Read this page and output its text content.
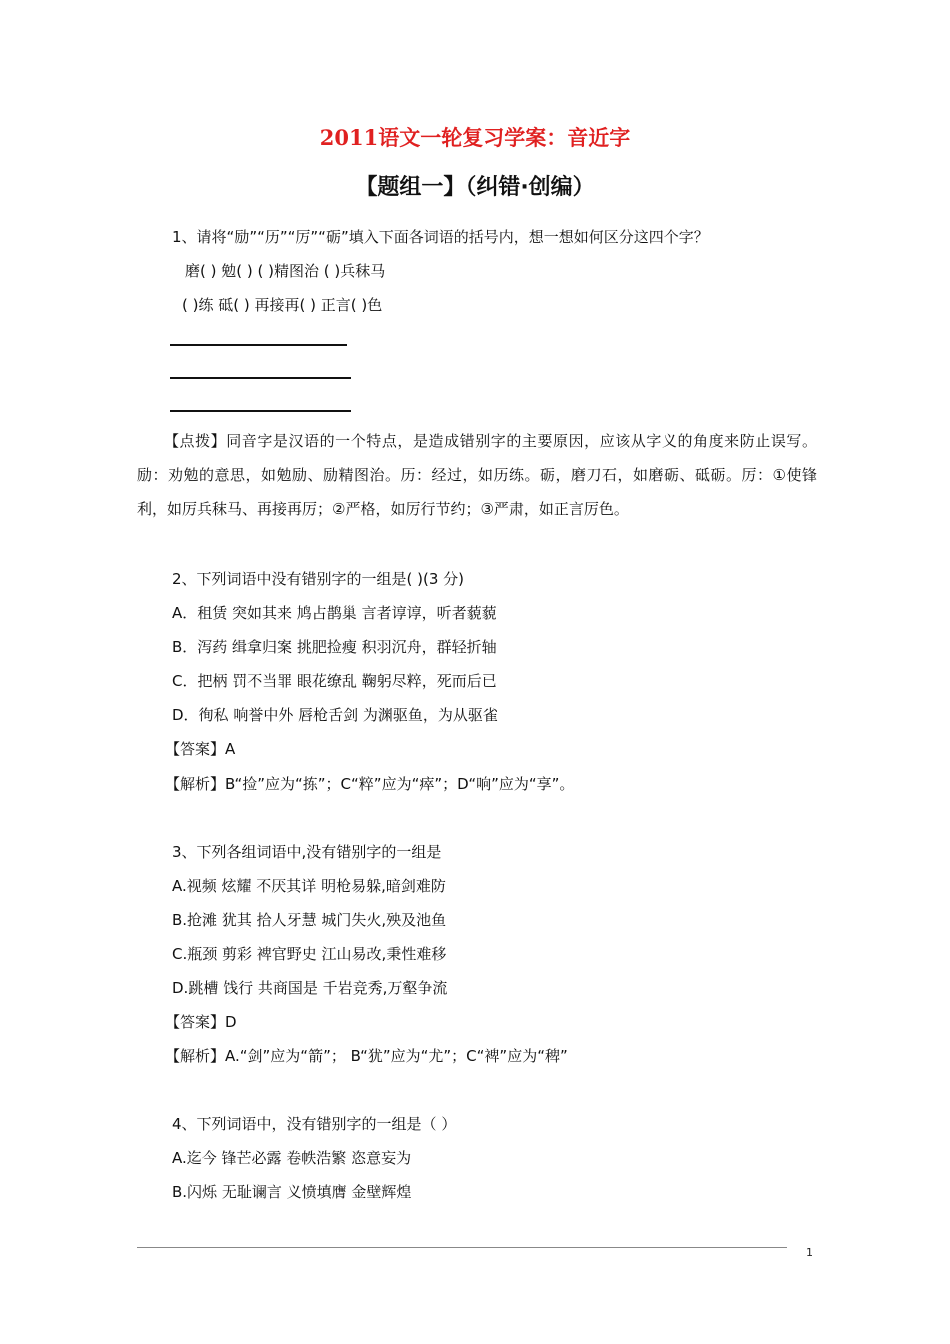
2011语文一轮复习学案：音近字
【题组一】（纠错·创编）
1、请将“励”“历”“厉”“砺”填入下面各词语的括号内，想一想如何区分这四个字？
磨( ) 勉( ) ( )精图治 ( )兵秣马
( )练 砥( ) 再接再( ) 正言( )色
【点拨】同音字是汉语的一个特点，是造成错别字的主要原因，应该从字义的角度来防止误写。励：劝勉的意思，如勉励、励精图治。历：经过，如历练。砺，磨刀石，如磨砺、砥砺。厉：①使锋利，如厉兵秣马、再接再厉；②严格，如厉行节约；③严肃，如正言厉色。
2、下列词语中没有错别字的一组是( )(3 分)
A．租赁 突如其来 鸠占鹊巢 言者谆谆，听者藐藐
B．泻药 缉拿归案 挑肥捡瘦 积羽沉舟，群轻折轴
C．把柄 罚不当罪 眼花缭乱 鞠躬尽粹，死而后已
D．徇私 响誉中外 唇枪舌剑 为渊驱鱼，为从驱雀
【答案】A
【解析】B“捡”应为“拣”；C“粹”应为“瘁”；D“响”应为“享”。
3、下列各组词语中,没有错别字的一组是
A.视频 炫耀 不厌其详 明枪易躲,暗剑难防
B.抢滩 犹其 拾人牙慧 城门失火,殃及池鱼
C.瓶颈 剪彩 裨官野史 江山易改,秉性难移
D.跳槽 饯行 共商国是 千岩竞秀,万壑争流
【答案】D
【解析】A.“剑”应为“箭”； B“犹”应为“尤”；C“裨”应为“稗”
4、下列词语中，没有错别字的一组是（ ）
A.迄今 锋芒必露 卷帙浩繁 恣意妄为
B.闪烁 无耻谰言 义愤填膺 金壁辉煌
1
